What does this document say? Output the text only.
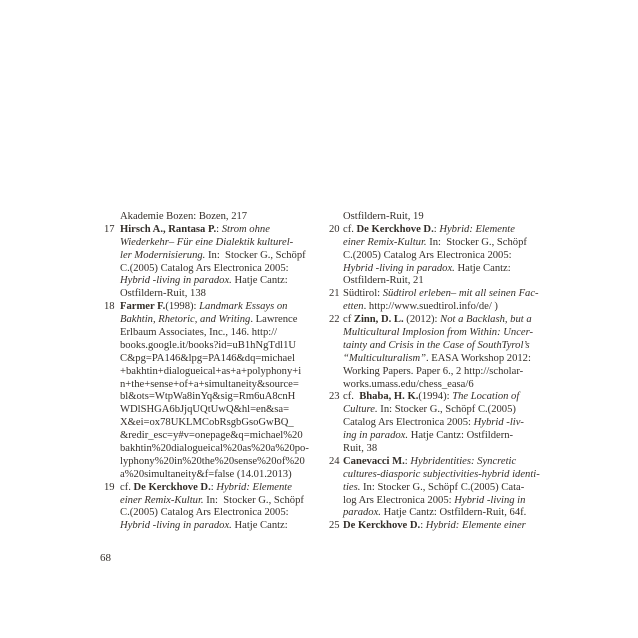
Akademie Bozen: Bozen, 217
17 Hirsch A., Rantasa P.: Strom ohne
Wiederkehr– Für eine Dialektik kulturel-
ler Modernisierung. In:  Stocker G., Schöpf
C.(2005) Catalog Ars Electronica 2005:
Hybrid -living in paradox. Hatje Cantz:
Ostfildern-Ruit, 138
18 Farmer F.(1998): Landmark Essays on
Bakhtin, Rhetoric, and Writing. Lawrence
Erlbaum Associates, Inc., 146. http://
books.google.it/books?id=uB1hNgTdl1U
C&pg=PA146&lpg=PA146&dq=michael
+bakhtin+dialogueical+as+a+polyphony+i
n+the+sense+of+a+simultaneity&source=
bl&ots=WtpWa8inYq&sig=Rm6uA8cnH
WDlSHGA6bJjqUQtUwQ&hl=en&sa=
X&ei=ox78UKLMCobRsgbGsoGwBQ_
&redir_esc=y#v=onepage&q=michael%20
bakhtin%20dialogueical%20as%20a%20po-
lyphony%20in%20the%20sense%20of%20
a%20simultaneity&f=false (14.01.2013)
19 cf. De Kerckhove D.: Hybrid: Elemente
einer Remix-Kultur. In:  Stocker G., Schöpf
C.(2005) Catalog Ars Electronica 2005:
Hybrid -living in paradox. Hatje Cantz:
Ostfildern-Ruit, 19
20 cf. De Kerckhove D.: Hybrid: Elemente
einer Remix-Kultur. In:  Stocker G., Schöpf
C.(2005) Catalog Ars Electronica 2005:
Hybrid -living in paradox. Hatje Cantz:
Ostfildern-Ruit, 21
21 Südtirol: Südtirol erleben– mit all seinen Fac-
etten. http://www.suedtirol.info/de/ )
22 cf Zinn, D. L. (2012): Not a Backlash, but a
Multicultural Implosion from Within: Uncer-
tainty and Crisis in the Case of SouthTyrol’s
“Multiculturalism”. EASA Workshop 2012:
Working Papers. Paper 6., 2 http://scholar-
works.umass.edu/chess_easa/6
23 cf.  Bhaba, H. K.(1994): The Location of
Culture. In: Stocker G., Schöpf C.(2005)
Catalog Ars Electronica 2005: Hybrid -liv-
ing in paradox. Hatje Cantz: Ostfildern-
Ruit, 38
24 Canevacci M.: Hybridentities: Syncretic
cultures-diasporic subjectivities-hybrid identi-
ties. In: Stocker G., Schöpf C.(2005) Cata-
log Ars Electronica 2005: Hybrid -living in
paradox. Hatje Cantz: Ostfildern-Ruit, 64f.
25 De Kerckhove D.: Hybrid: Elemente einer
68
